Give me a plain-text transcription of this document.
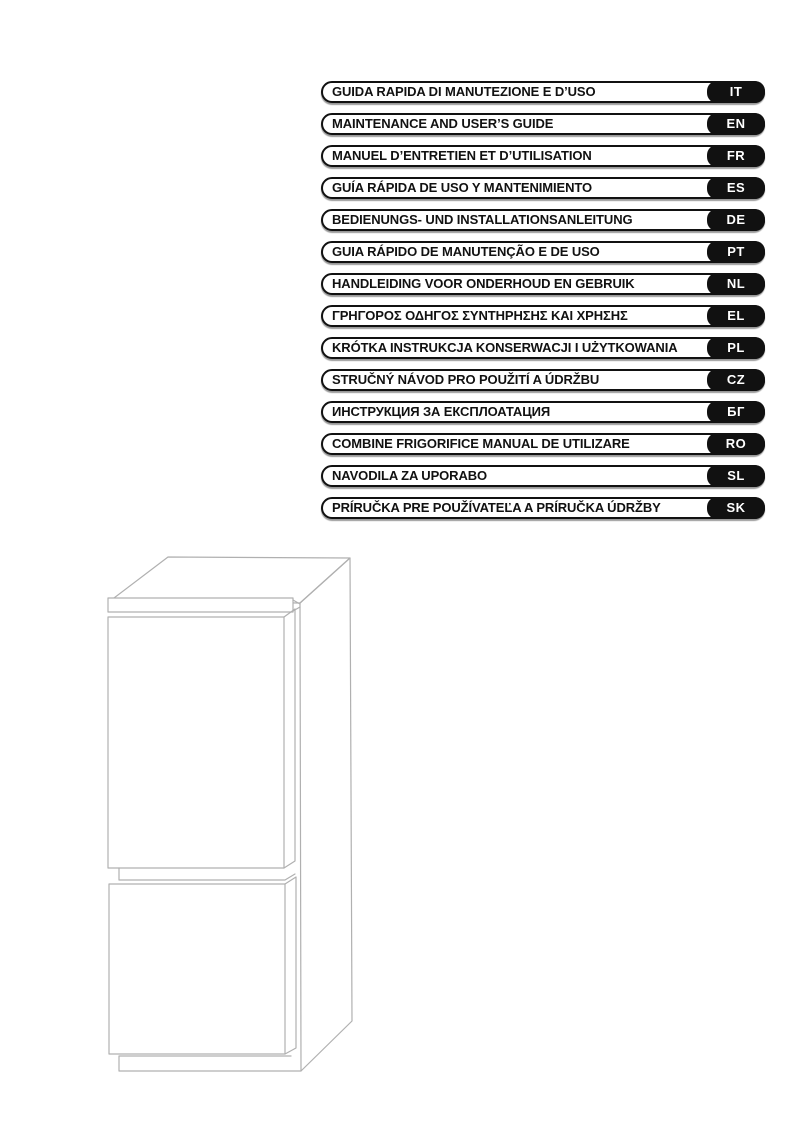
GUIDA RAPIDA DI MANUTEZIONE E D’USO	IT
MAINTENANCE AND USER’S GUIDE	EN
MANUEL D’ENTRETIEN ET D’UTILISATION	FR
GUÍA RÁPIDA DE USO Y MANTENIMIENTO	ES
BEDIENUNGS- UND INSTALLATIONSANLEITUNG	DE
GUIA RÁPIDO DE MANUTENÇÃO E DE USO	PT
HANDLEIDING VOOR ONDERHOUD EN GEBRUIK	NL
ΓΡΗΓΟΡΟΣ ΟΔΗΓΟΣ ΣΥΝΤΗΡΗΣΗΣ ΚΑΙ ΧΡΗΣΗΣ	EL
KRÓTKA INSTRUKCJA KONSERWACJI I UŻYTKOWANIA	PL
STRUČNÝ NÁVOD PRO POUŽITÍ A ÚDRŽBU	CZ
ИНСТРУКЦИЯ ЗА ЕКСПЛОАТАЦИЯ	БГ
COMBINE FRIGORIFICE MANUAL DE UTILIZARE	RO
NAVODILA ZA UPORABO	SL
PRÍRUČKA PRE POUŽÍVATEĽA A PRÍRUČKA ÚDRŽBY	SK
